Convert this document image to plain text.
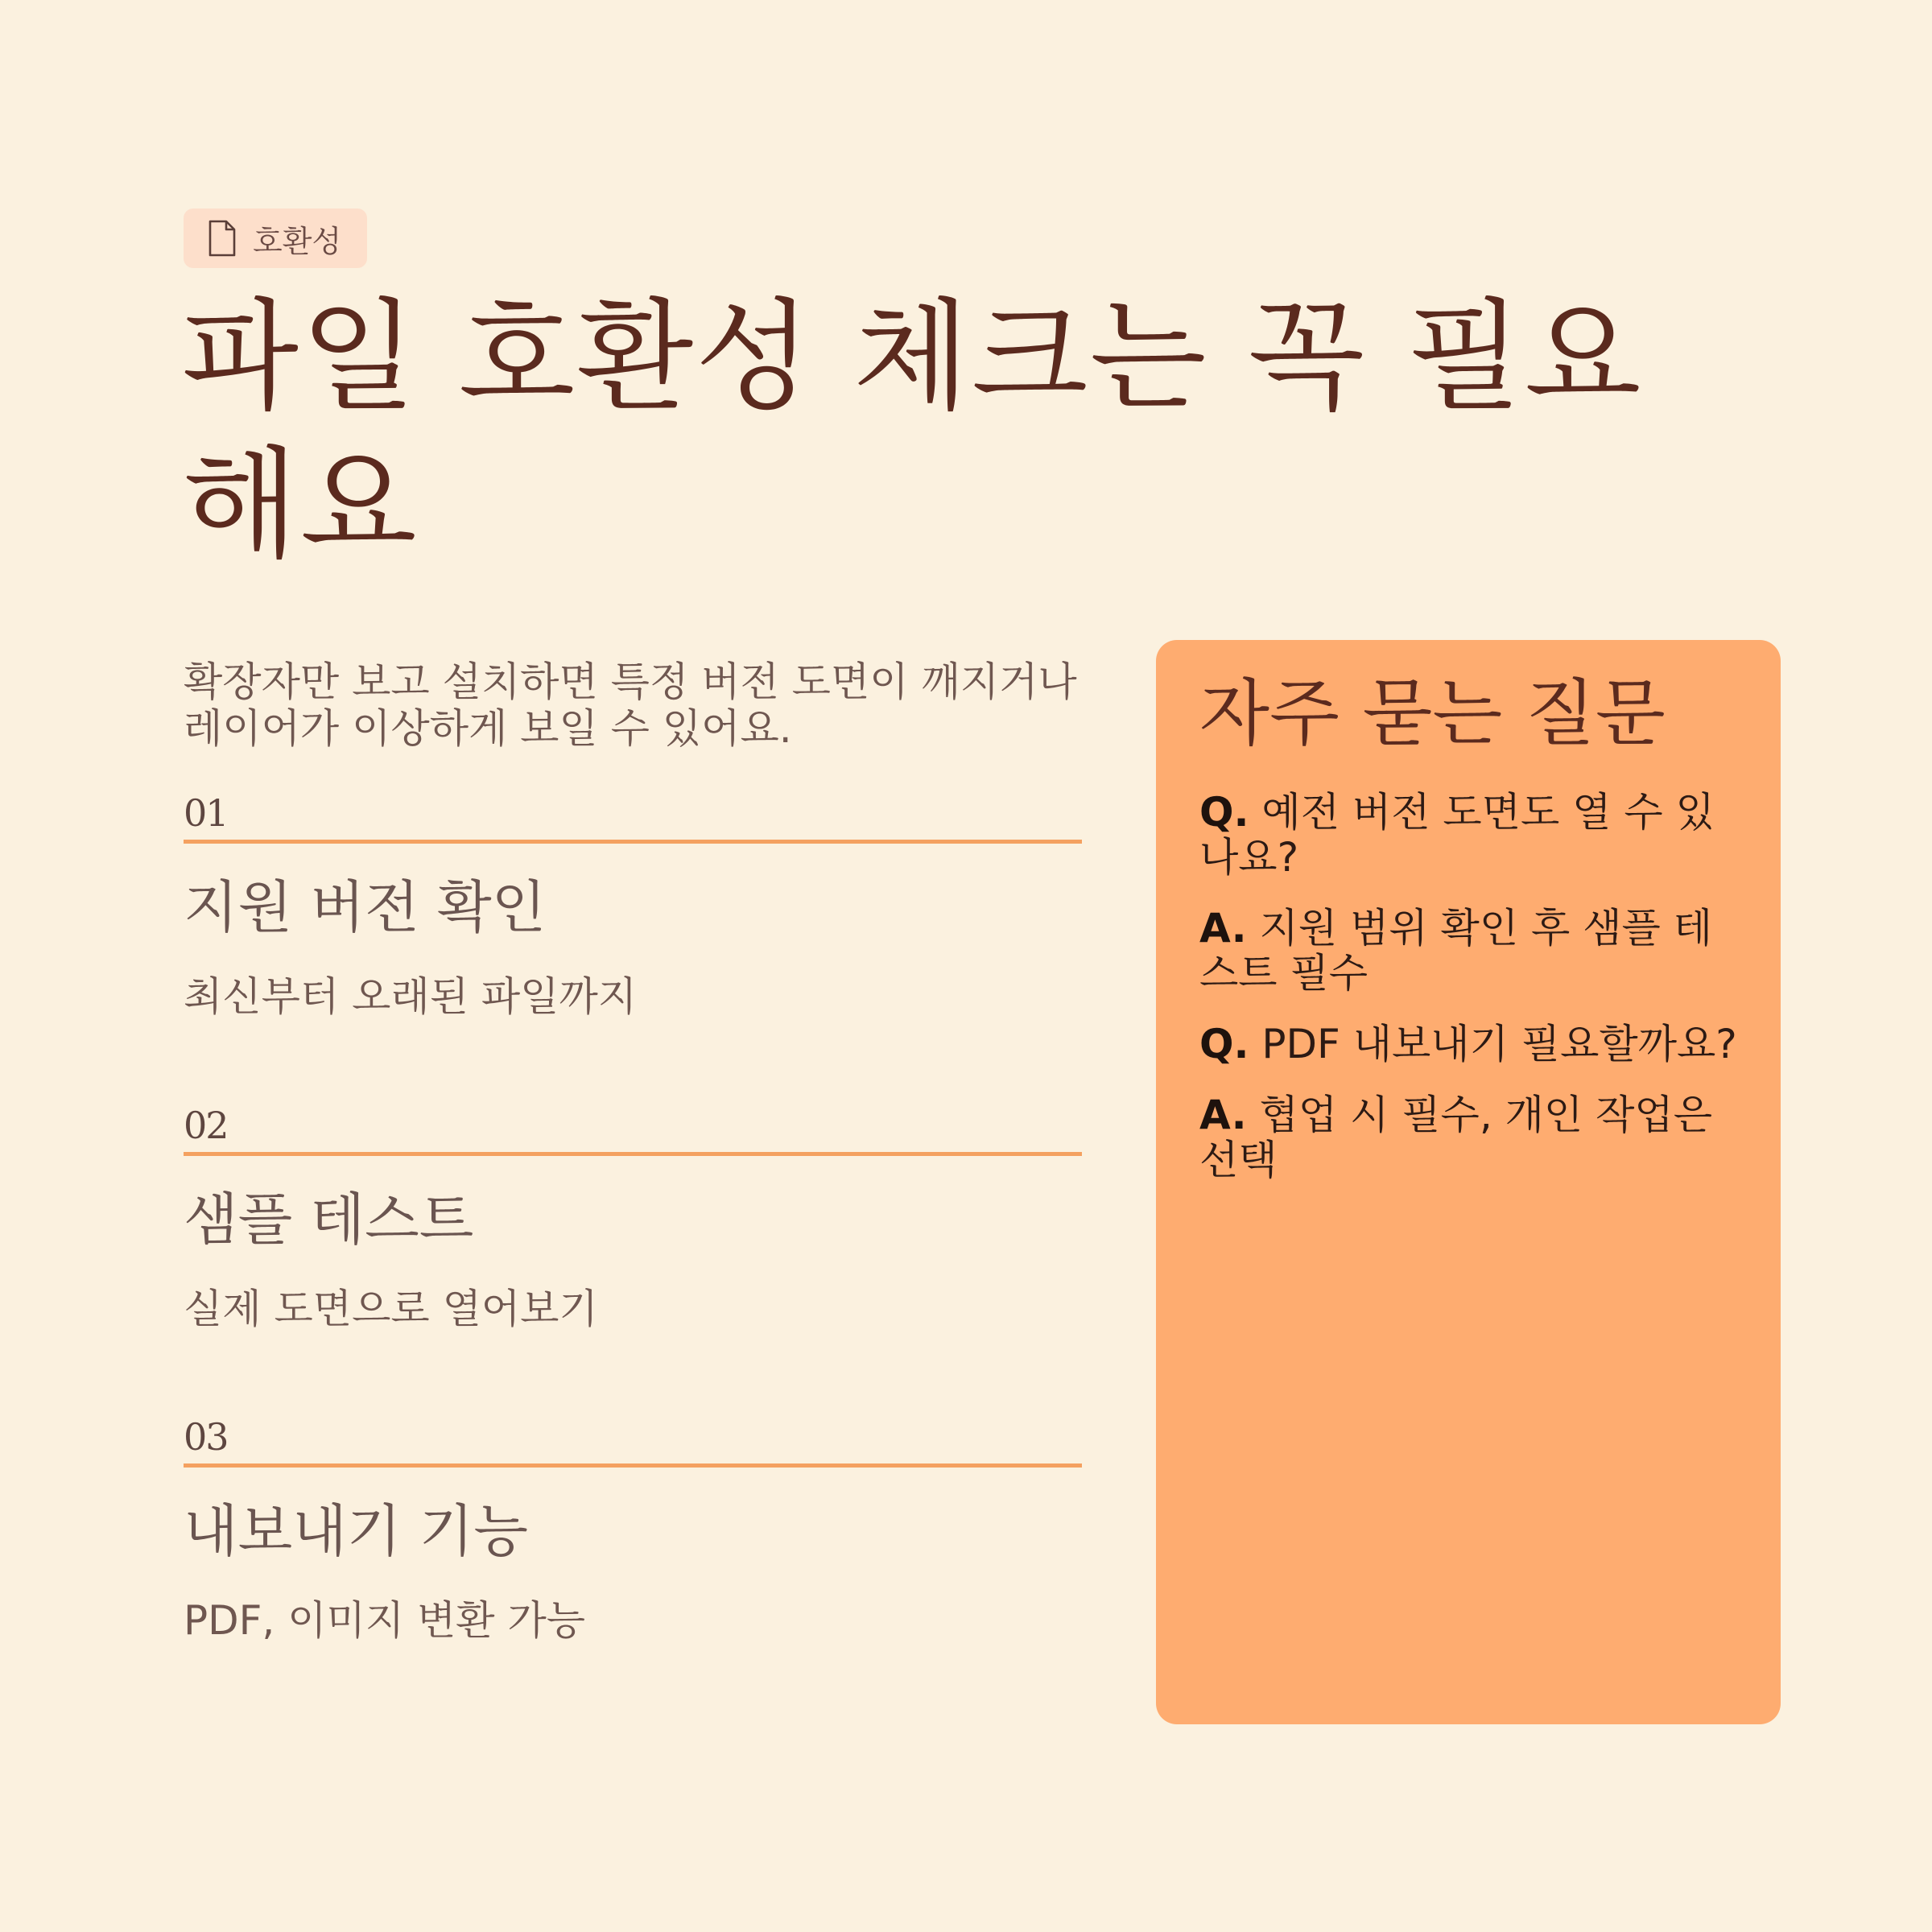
호환성
파일 호환성 체크는 꼭 필요해요

확장자만 보고 설치하면 특정 버전 도면이 깨지거나 레이어가 이상하게 보일 수 있어요.

01
지원 버전 확인
최신부터 오래된 파일까지
02
샘플 테스트
실제 도면으로 열어보기
03
내보내기 기능
PDF, 이미지 변환 가능
자주 묻는 질문
Q. 예전 버전 도면도 열 수 있나요?
A. 지원 범위 확인 후 샘플 테스트 필수
Q. PDF 내보내기 필요할까요?
A. 협업 시 필수, 개인 작업은 선택
